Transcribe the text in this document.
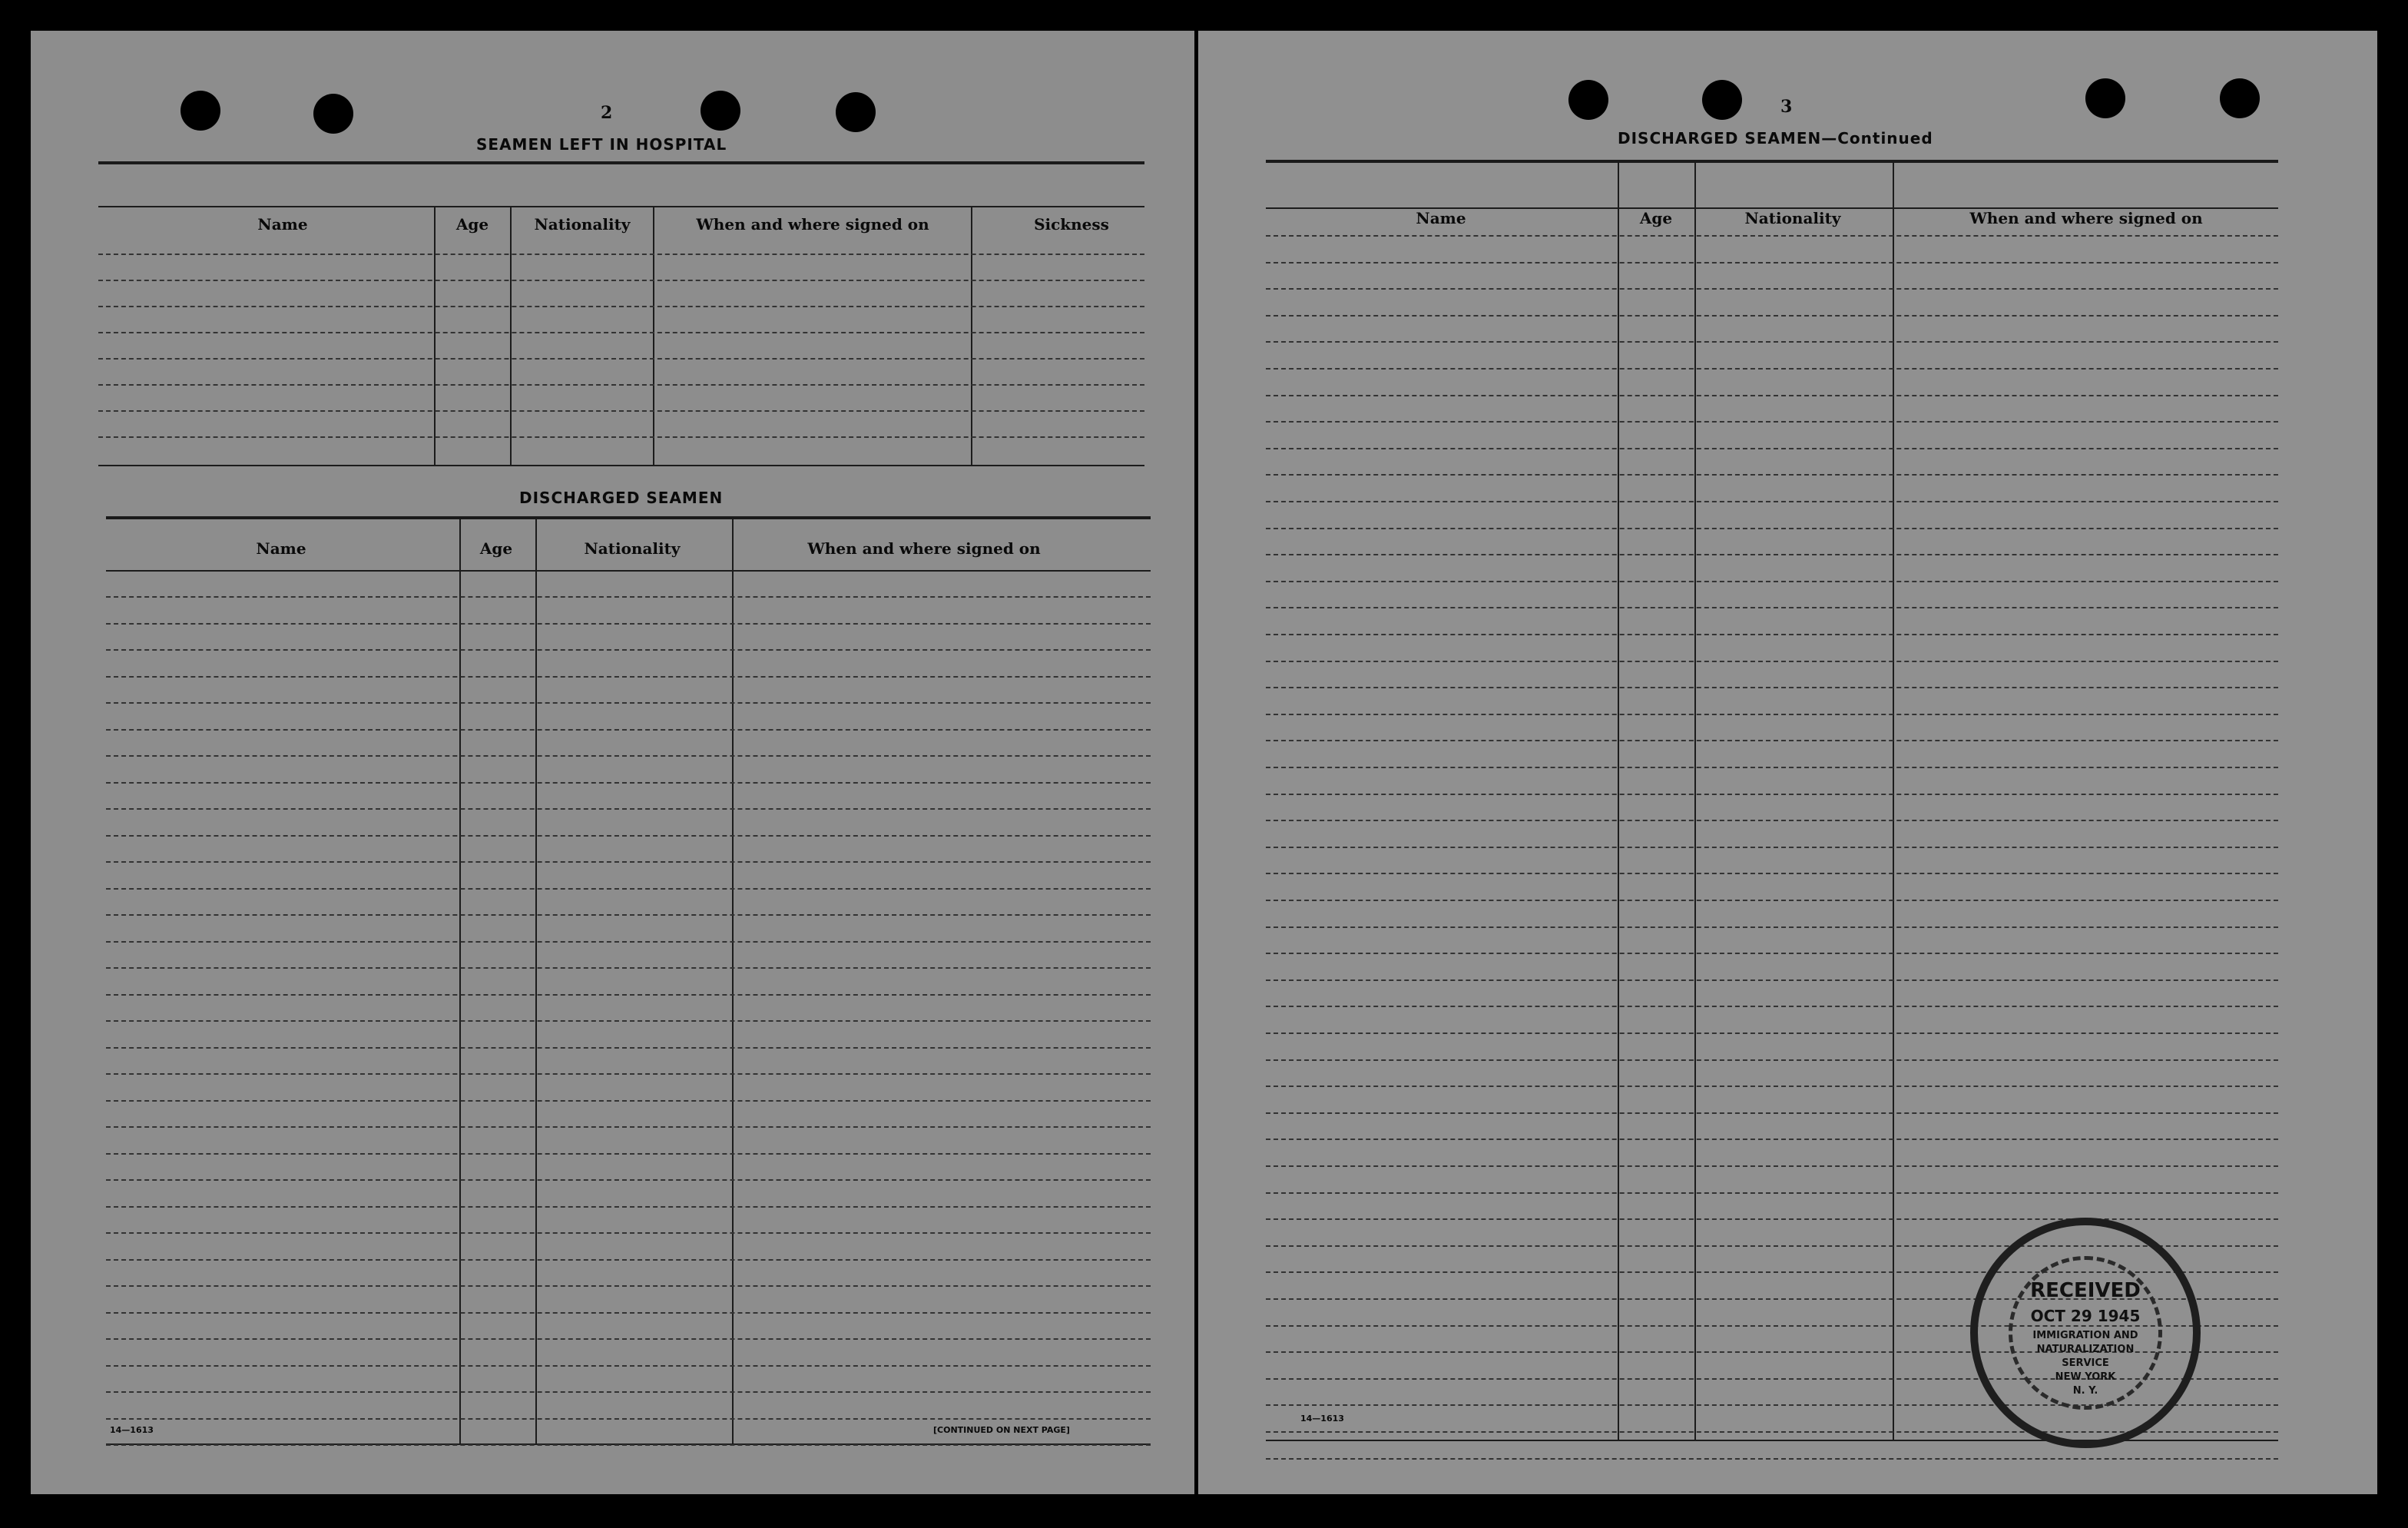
2
SEAMEN LEFT IN HOSPITAL
Name	Age	Nationality	When and where signed on	Sickness
DISCHARGED SEAMEN
Name	Age	Nationality	When and where signed on
14—1613	[CONTINUED ON NEXT PAGE]
3
DISCHARGED SEAMEN—Continued
Name	Age	Nationality	When and where signed on
14—1613
RECEIVED
OCT 29 1945
IMMIGRATION AND
NATURALIZATION
SERVICE
NEW YORK
N. Y.
